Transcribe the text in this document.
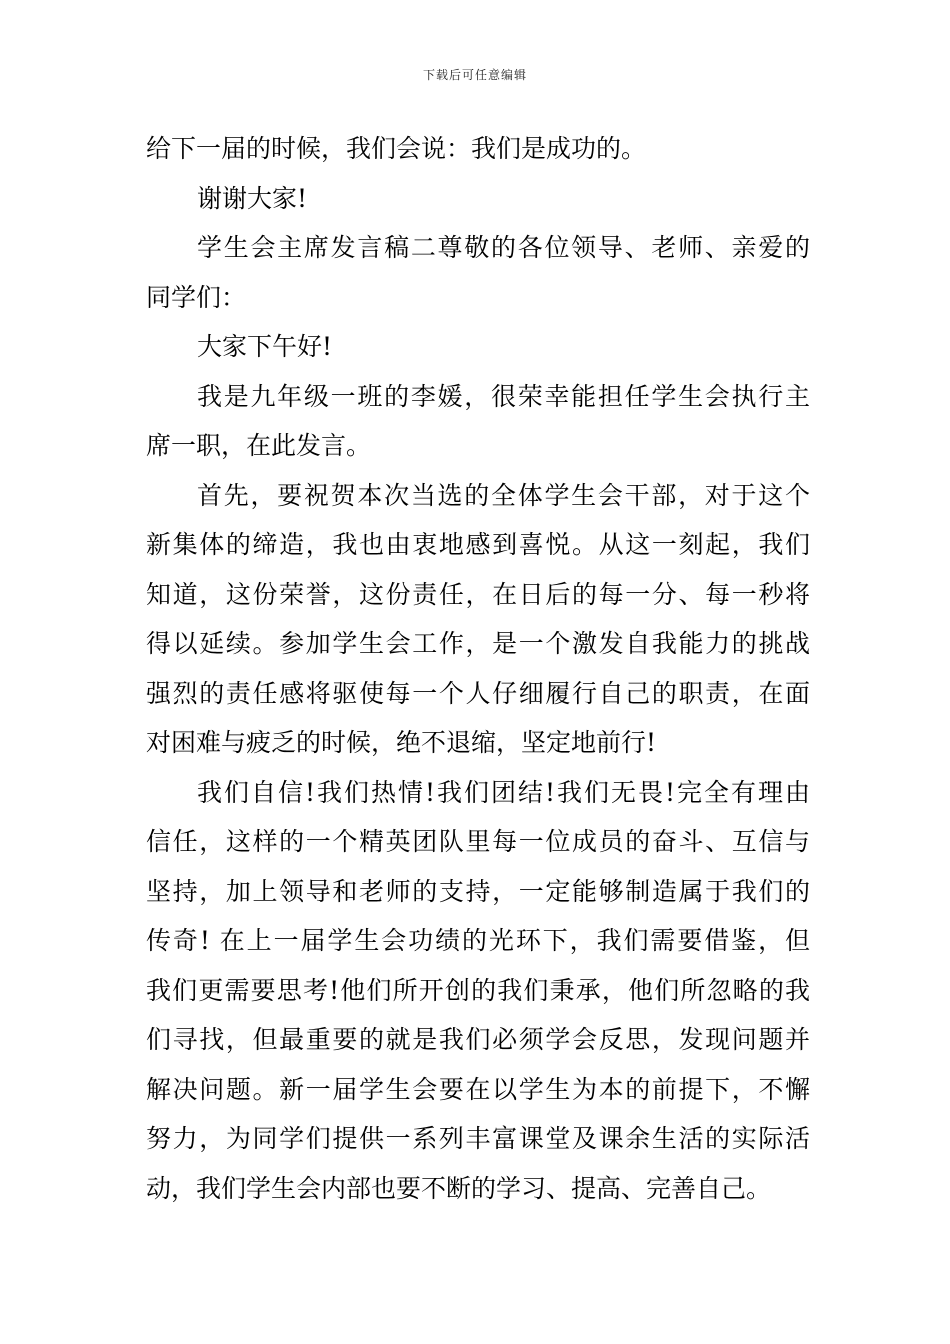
下载后可任意编辑
给下一届的时候，我们会说：我们是成功的。
谢谢大家!
学生会主席发言稿二尊敬的各位领导、老师、亲爱的
同学们：
大家下午好!
我是九年级一班的李媛，很荣幸能担任学生会执行主
席一职，在此发言。
首先，要祝贺本次当选的全体学生会干部，对于这个
新集体的缔造，我也由衷地感到喜悦。从这一刻起，我们
知道，这份荣誉，这份责任，在日后的每一分、每一秒将
得以延续。参加学生会工作，是一个激发自我能力的挑战
强烈的责任感将驱使每一个人仔细履行自己的职责，在面
对困难与疲乏的时候，绝不退缩，坚定地前行!
我们自信!我们热情!我们团结!我们无畏!完全有理由
信任，这样的一个精英团队里每一位成员的奋斗、互信与
坚持，加上领导和老师的支持，一定能够制造属于我们的
传奇! 在上一届学生会功绩的光环下，我们需要借鉴，但
我们更需要思考!他们所开创的我们秉承，他们所忽略的我
们寻找，但最重要的就是我们必须学会反思，发现问题并
解决问题。新一届学生会要在以学生为本的前提下，不懈
努力，为同学们提供一系列丰富课堂及课余生活的实际活
动，我们学生会内部也要不断的学习、提高、完善自己。
